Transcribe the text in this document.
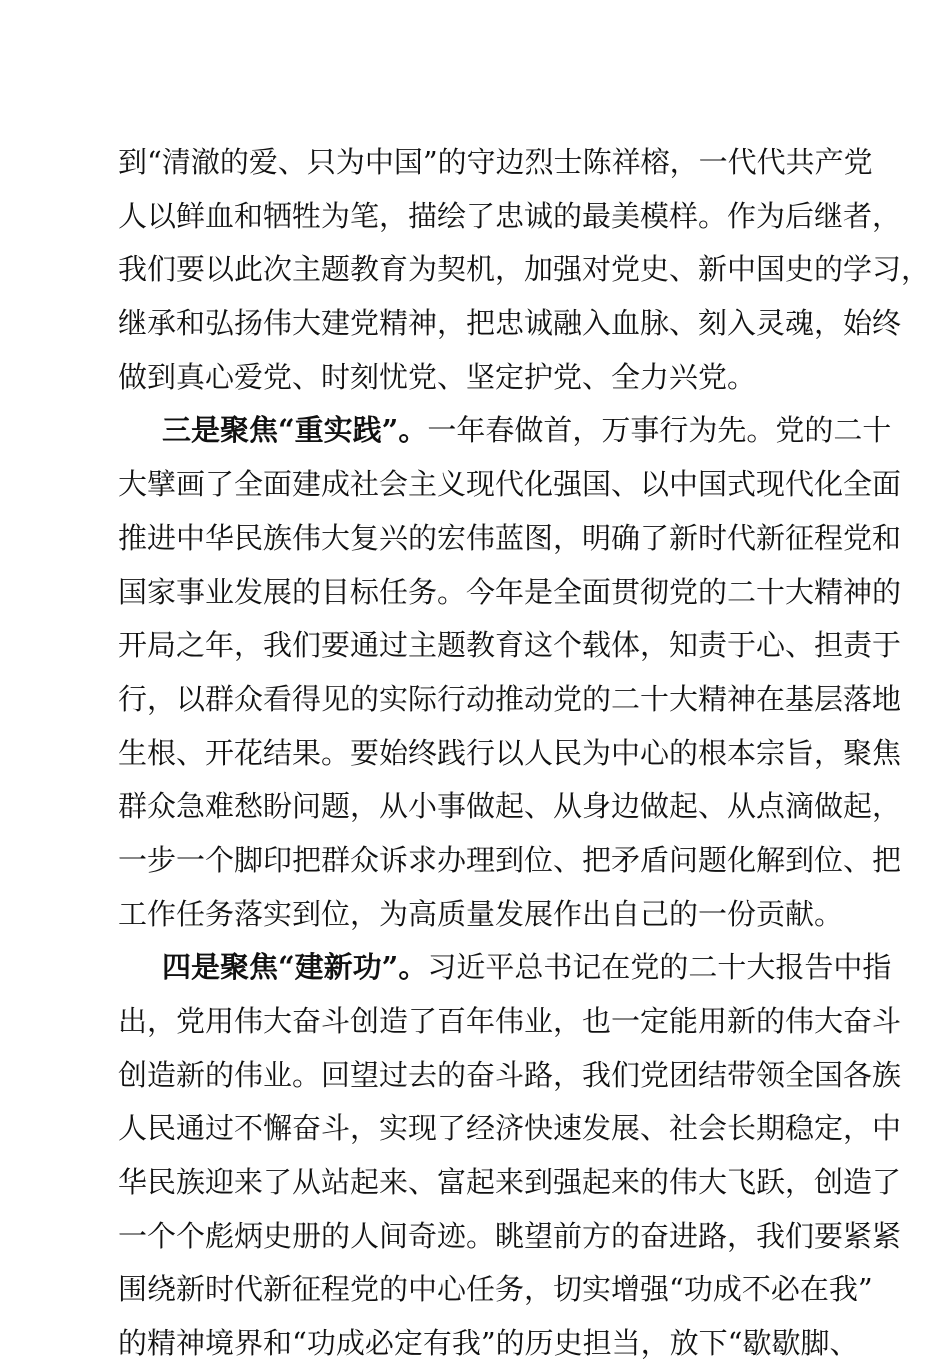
到“清澈的爱、只为中国”的守边烈士陈祥榕，一代代共产党
人以鲜血和牺牲为笔，描绘了忠诚的最美模样。作为后继者，
我们要以此次主题教育为契机，加强对党史、新中国史的学习，
继承和弘扬伟大建党精神，把忠诚融入血脉、刻入灵魂，始终
做到真心爱党、时刻忧党、坚定护党、全力兴党。
三是聚焦“重实践”。一年春做首，万事行为先。党的二十
大擘画了全面建成社会主义现代化强国、以中国式现代化全面
推进中华民族伟大复兴的宏伟蓝图，明确了新时代新征程党和
国家事业发展的目标任务。今年是全面贯彻党的二十大精神的
开局之年，我们要通过主题教育这个载体，知责于心、担责于
行，以群众看得见的实际行动推动党的二十大精神在基层落地
生根、开花结果。要始终践行以人民为中心的根本宗旨，聚焦
群众急难愁盼问题，从小事做起、从身边做起、从点滴做起，
一步一个脚印把群众诉求办理到位、把矛盾问题化解到位、把
工作任务落实到位，为高质量发展作出自己的一份贡献。
四是聚焦“建新功”。习近平总书记在党的二十大报告中指
出，党用伟大奋斗创造了百年伟业，也一定能用新的伟大奋斗
创造新的伟业。回望过去的奋斗路，我们党团结带领全国各族
人民通过不懈奋斗，实现了经济快速发展、社会长期稳定，中
华民族迎来了从站起来、富起来到强起来的伟大飞跃，创造了
一个个彪炳史册的人间奇迹。眺望前方的奋进路，我们要紧紧
围绕新时代新征程党的中心任务，切实增强“功成不必在我”
的精神境界和“功成必定有我”的历史担当，放下“歇歇脚、
